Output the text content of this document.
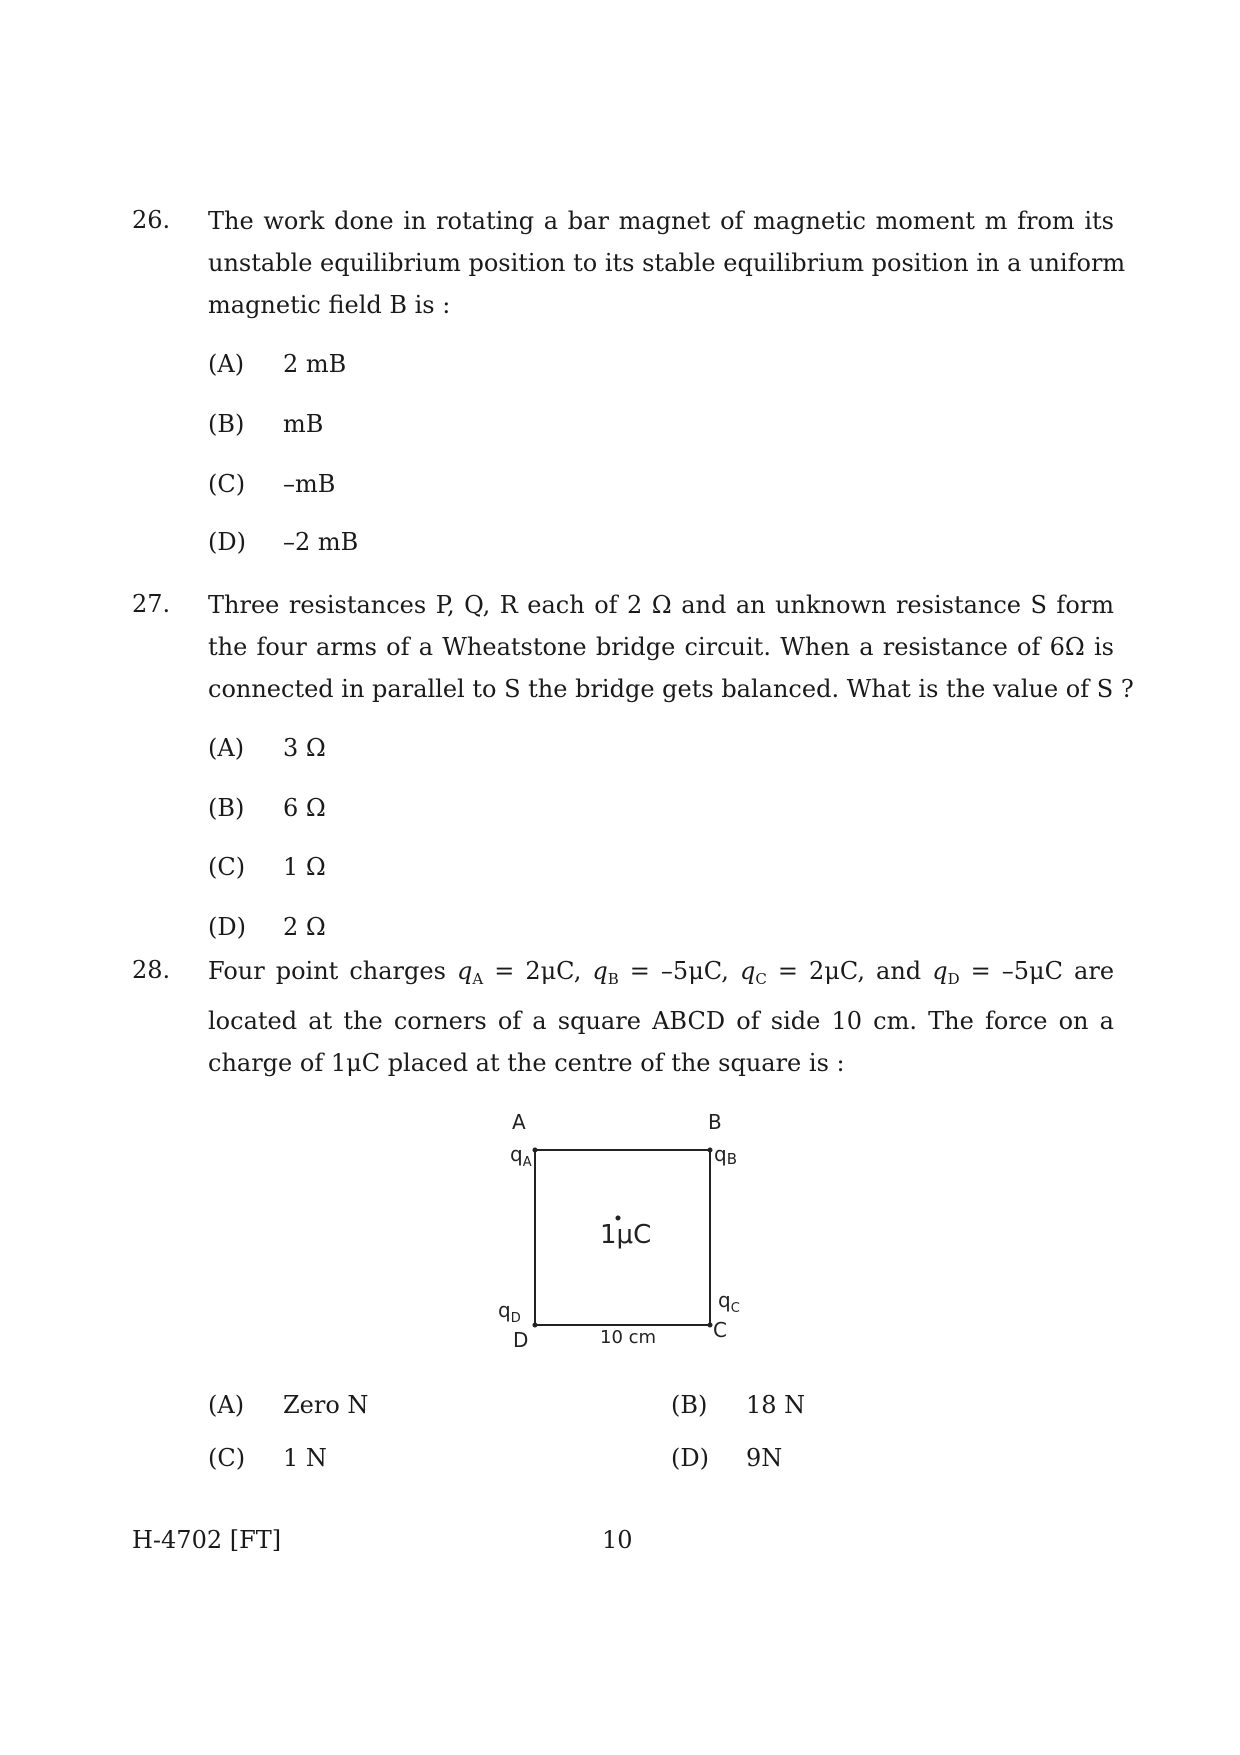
26. The work done in rotating a bar magnet of magnetic moment m from its
unstable equilibrium position to its stable equilibrium position in a uniform
magnetic field B is :
(A) 2 mB
(B) mB
(C) –mB
(D) –2 mB
27. Three resistances P, Q, R each of 2 Ω and an unknown resistance S form
the four arms of a Wheatstone bridge circuit. When a resistance of 6Ω is
connected in parallel to S the bridge gets balanced. What is the value of S ?
(A) 3 Ω
(B) 6 Ω
(C) 1 Ω
(D) 2 Ω
28. Four point charges $q_A = 2\mu C$, $q_B = -5\mu C$, $q_C = 2\mu C$, and $q_D = -5\mu C$ are
located at the corners of a square ABCD of side 10 cm. The force on a
charge of 1μC placed at the centre of the square is :
A
$q_A$
B
qB
$q_C$
C
$q_D$
D
1μC
10 cm
(A) Zero N	(B) 18 N
(C) 1 N	(D) 9N
H-4702 [FT]	10
